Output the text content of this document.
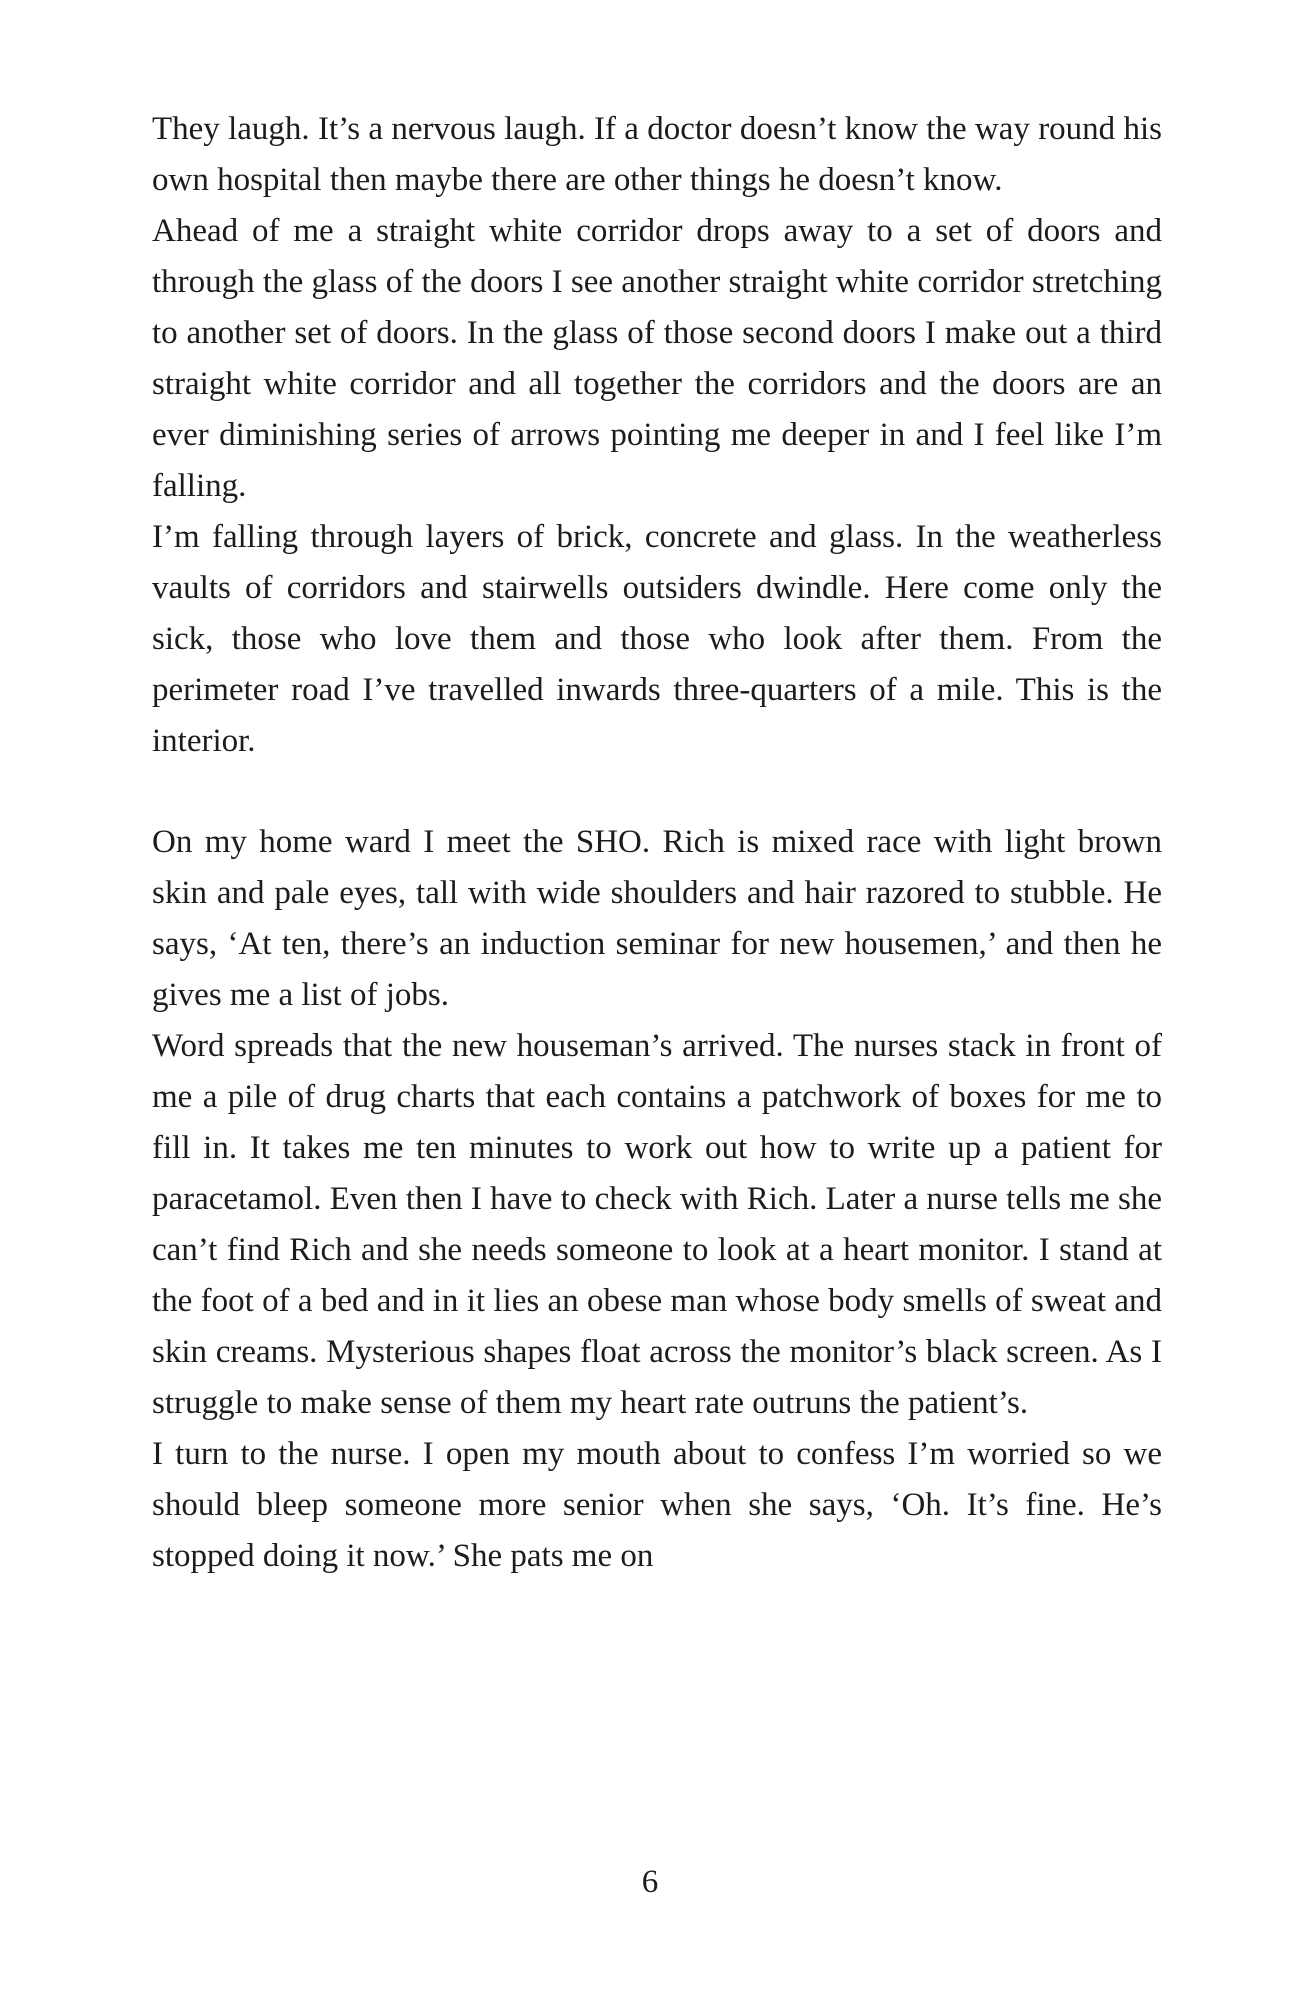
They laugh. It’s a nervous laugh. If a doctor doesn’t know the way round his own hospital then maybe there are other things he doesn’t know.

Ahead of me a straight white corridor drops away to a set of doors and through the glass of the doors I see another straight white corridor stretching to another set of doors. In the glass of those second doors I make out a third straight white corridor and all together the corridors and the doors are an ever diminishing series of arrows pointing me deeper in and I feel like I’m falling.

I’m falling through layers of brick, concrete and glass. In the weatherless vaults of corridors and stairwells outsiders dwindle. Here come only the sick, those who love them and those who look after them. From the perimeter road I’ve travelled inwards three-quarters of a mile. This is the interior.

On my home ward I meet the SHO. Rich is mixed race with light brown skin and pale eyes, tall with wide shoulders and hair razored to stubble. He says, ‘At ten, there’s an induction seminar for new housemen,’ and then he gives me a list of jobs.

Word spreads that the new houseman’s arrived. The nurses stack in front of me a pile of drug charts that each contains a patchwork of boxes for me to fill in. It takes me ten minutes to work out how to write up a patient for paracetamol. Even then I have to check with Rich. Later a nurse tells me she can’t find Rich and she needs someone to look at a heart monitor. I stand at the foot of a bed and in it lies an obese man whose body smells of sweat and skin creams. Mysterious shapes float across the monitor’s black screen. As I struggle to make sense of them my heart rate outruns the patient’s.

I turn to the nurse. I open my mouth about to confess I’m worried so we should bleep someone more senior when she says, ‘Oh. It’s fine. He’s stopped doing it now.’ She pats me on

6
